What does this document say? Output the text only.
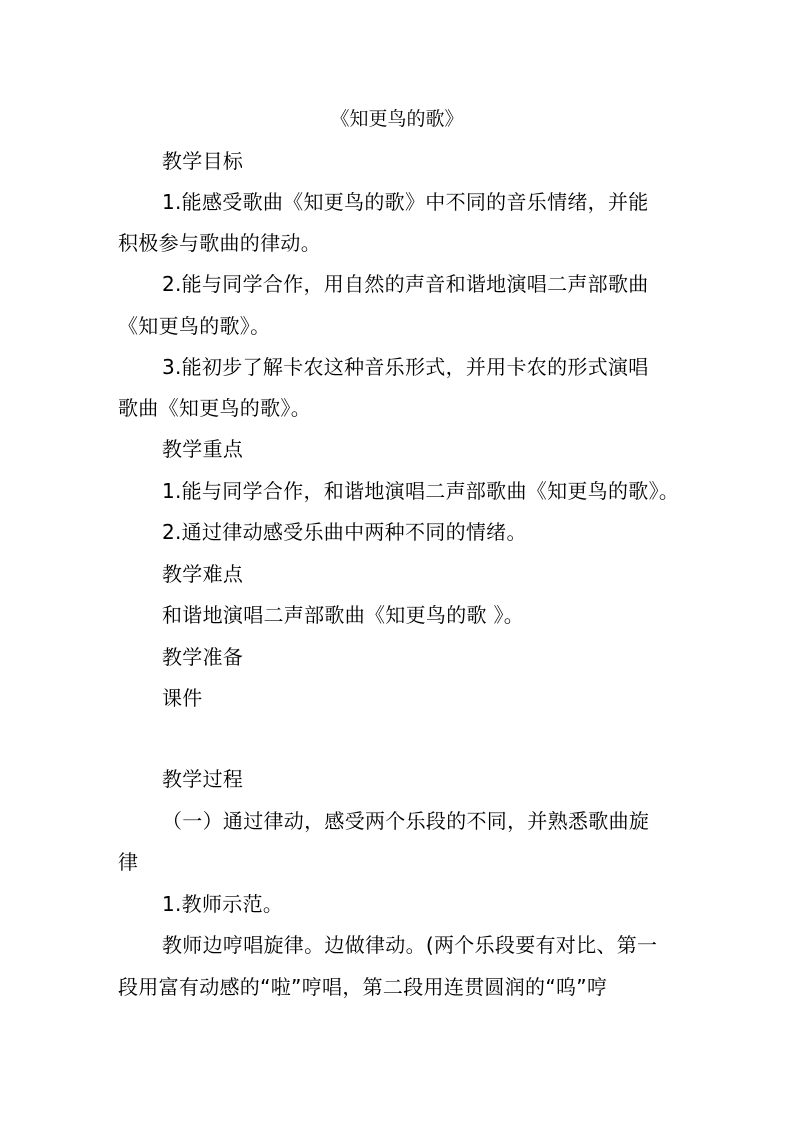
《知更鸟的歌》
教学目标
1.能感受歌曲《知更鸟的歌》中不同的音乐情绪，并能
积极参与歌曲的律动。
2.能与同学合作，用自然的声音和谐地演唱二声部歌曲
《知更鸟的歌》。
3.能初步了解卡农这种音乐形式，并用卡农的形式演唱
歌曲《知更鸟的歌》。
教学重点
1.能与同学合作，和谐地演唱二声部歌曲《知更鸟的歌》。
2.通过律动感受乐曲中两种不同的情绪。
教学难点
和谐地演唱二声部歌曲《知更鸟的歌 》。
教学准备
课件
教学过程
（一）通过律动，感受两个乐段的不同，并熟悉歌曲旋
律
1.教师示范。
教师边哼唱旋律。边做律动。(两个乐段要有对比、第一
段用富有动感的“啦”哼唱，第二段用连贯圆润的“呜”哼
